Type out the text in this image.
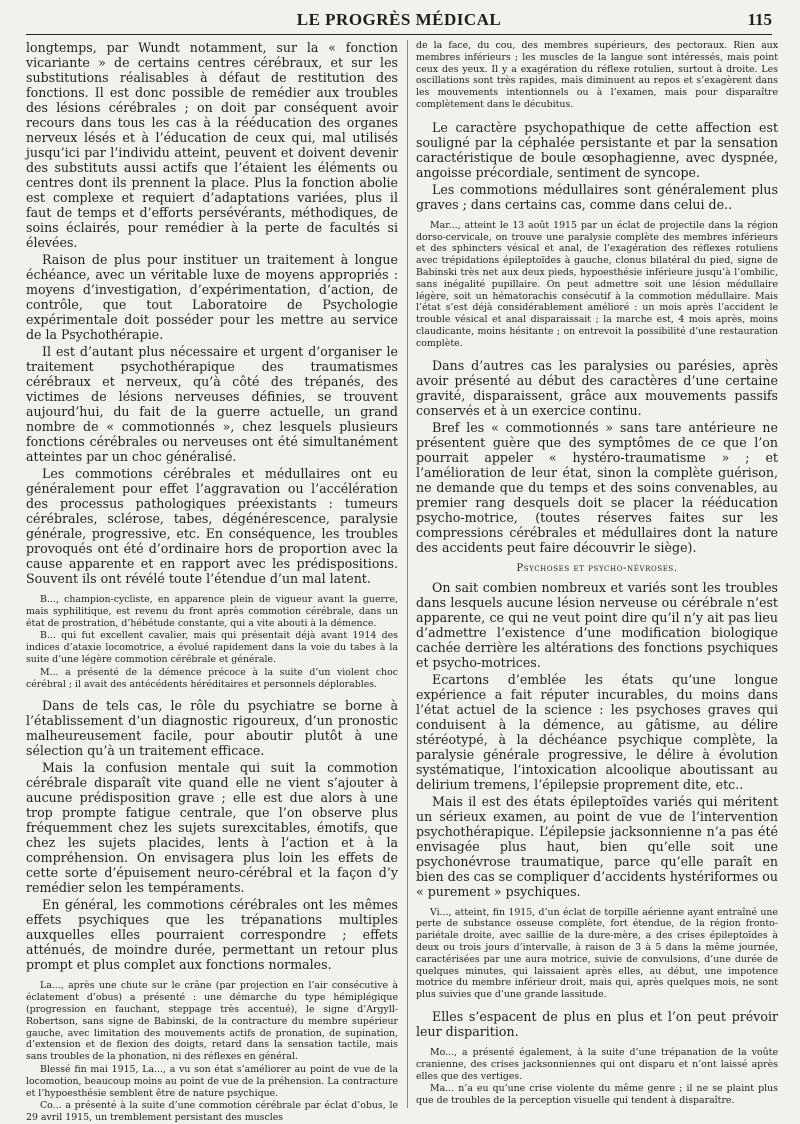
LE PROGRÈS MÉDICAL	115

longtemps, par Wundt notamment, sur la « fonction vicariante » de certains centres cérébraux, et sur les substitutions réalisables à défaut de restitution des fonctions. Il est donc possible de remédier aux troubles des lésions cérébrales ; on doit par conséquent avoir recours dans tous les cas à la rééducation des organes nerveux lésés et à l’éducation de ceux qui, mal utilisés jusqu’ici par l’individu atteint, peuvent et doivent devenir des substituts aussi actifs que l’étaient les éléments ou centres dont ils prennent la place. Plus la fonction abolie est complexe et requiert d’adaptations variées, plus il faut de temps et d’efforts persévérants, méthodiques, de soins éclairés, pour remédier à la perte de facultés si élevées.

Raison de plus pour instituer un traitement à longue échéance, avec un véritable luxe de moyens appropriés : moyens d’investigation, d’expérimentation, d’action, de contrôle, que tout Laboratoire de Psychologie expérimentale doit posséder pour les mettre au service de la Psychothérapie.

Il est d’autant plus nécessaire et urgent d’organiser le traitement psychothérapique des traumatismes cérébraux et nerveux, qu’à côté des trépanés, des victimes de lésions nerveuses définies, se trouvent aujourd’hui, du fait de la guerre actuelle, un grand nombre de « commotionnés », chez lesquels plusieurs fonctions cérébrales ou nerveuses ont été simultanément atteintes par un choc généralisé.

Les commotions cérébrales et médullaires ont eu généralement pour effet l’aggravation ou l’accélération des processus pathologiques préexistants : tumeurs cérébrales, sclérose, tabes, dégénérescence, paralysie générale, progressive, etc. En conséquence, les troubles provoqués ont été d’ordinaire hors de proportion avec la cause apparente et en rapport avec les prédispositions. Souvent ils ont révélé toute l’étendue d’un mal latent.

B..., champion-cycliste, en apparence plein de vigueur avant la guerre, mais syphilitique, est revenu du front après commotion cérébrale, dans un état de prostration, d’hébétude constante, qui a vite abouti à la démence.

B... qui fut excellent cavalier, mais qui présentait déjà avant 1914 des indices d’ataxie locomotrice, a évolué rapidement dans la voie du tabes à la suite d’une légère commotion cérébrale et générale.

M... a présenté de la démence précoce à la suite d’un violent choc cérébral ; il avait des antécédents héréditaires et personnels déplorables.

Dans de tels cas, le rôle du psychiatre se borne à l’établissement d’un diagnostic rigoureux, d’un pronostic malheureusement facile, pour aboutir plutôt à une sélection qu’à un traitement efficace.

Mais la confusion mentale qui suit la commotion cérébrale disparaît vite quand elle ne vient s’ajouter à aucune prédisposition grave ; elle est due alors à une trop prompte fatigue centrale, que l’on observe plus fréquemment chez les sujets surexcitables, émotifs, que chez les sujets placides, lents à l’action et à la compréhension. On envisagera plus loin les effets de cette sorte d’épuisement neuro-cérébral et la façon d’y remédier selon les tempéraments.

En général, les commotions cérébrales ont les mêmes effets psychiques que les trépanations multiples auxquelles elles pourraient correspondre ; effets atténués, de moindre durée, permettant un retour plus prompt et plus complet aux fonctions normales.

La..., après une chute sur le crâne (par projection en l’air consécutive à éclatement d’obus) a présenté : une démarche du type hémiplégique (progression en fauchant, steppage très accentué), le signe d’Argyll-Robertson, sans signe de Babinski, de la contracture du membre supérieur gauche, avec limitation des mouvements actifs de pronation, de supination, d’extension et de flexion des doigts, retard dans la sensation tactile, mais sans troubles de la phonation, ni des réflexes en général.

Blessé fin mai 1915, La..., a vu son état s’améliorer au point de vue de la locomotion, beaucoup moins au point de vue de la préhension. La contracture et l’hypoesthésie semblent être de nature psychique.

Co... a présenté à la suite d’une commotion cérébrale par éclat d’obus, le 29 avril 1915, un tremblement persistant des muscles

de la face, du cou, des membres supérieurs, des pectoraux. Rien aux membres inférieurs ; les muscles de la langue sont intéressés, mais point ceux des yeux. Il y a exagération du réflexe rotulien, surtout à droite. Les oscillations sont très rapides, mais diminuent au repos et s’exagèrent dans les mouvements intentionnels ou à l’examen, mais pour disparaître complètement dans le décubitus.

Le caractère psychopathique de cette affection est souligné par la céphalée persistante et par la sensation caractéristique de boule œsophagienne, avec dyspnée, angoisse précordiale, sentiment de syncope.

Les commotions médullaires sont généralement plus graves ; dans certains cas, comme dans celui de..

Mar..., atteint le 13 août 1915 par un éclat de projectile dans la région dorso-cervicale, on trouve une paralysie complète des membres inférieurs et des sphincters vésical et anal, de l’exagération des réflexes rotuliens avec trépidations épileptoïdes à gauche, clonus bilatéral du pied, signe de Babinski très net aux deux pieds, hypoesthésie inférieure jusqu’à l’ombilic, sans inégalité pupillaire. On peut admettre soit une lésion médullaire légère, soit un hématorachis consécutif à la commotion médullaire. Mais l’état s’est déjà considérablement amélioré : un mois après l’accident le trouble vésical et anal disparaissait ; la marche est, 4 mois après, moins claudicante, moins hésitante ; on entrevoit la possibilité d’une restauration complète.

Dans d’autres cas les paralysies ou parésies, après avoir présenté au début des caractères d’une certaine gravité, disparaissent, grâce aux mouvements passifs conservés et à un exercice continu.

Bref les « commotionnés » sans tare antérieure ne présentent guère que des symptômes de ce que l’on pourrait appeler « hystéro-traumatisme » ; et l’amélioration de leur état, sinon la complète guérison, ne demande que du temps et des soins convenables, au premier rang desquels doit se placer la rééducation psycho-motrice, (toutes réserves faites sur les compressions cérébrales et médullaires dont la nature des accidents peut faire découvrir le siège).

Psychoses et psycho-névroses.

On sait combien nombreux et variés sont les troubles dans lesquels aucune lésion nerveuse ou cérébrale n’est apparente, ce qui ne veut point dire qu’il n’y ait pas lieu d’admettre l’existence d’une modification biologique cachée derrière les altérations des fonctions psychiques et psycho-motrices.

Ecartons d’emblée les états qu’une longue expérience a fait réputer incurables, du moins dans l’état actuel de la science : les psychoses graves qui conduisent à la démence, au gâtisme, au délire stéréotypé, à la déchéance psychique complète, la paralysie générale progressive, le délire à évolution systématique, l’intoxication alcoolique aboutissant au delirium tremens, l’épilepsie proprement dite, etc..

Mais il est des états épileptoïdes variés qui méritent un sérieux examen, au point de vue de l’intervention psychothérapique. L’épilepsie jacksonnienne n’a pas été envisagée plus haut, bien qu’elle soit une psychonévrose traumatique, parce qu’elle paraît en bien des cas se compliquer d’accidents hystériformes ou « purement » psychiques.

Vi..., atteint, fin 1915, d’un éclat de torpille aérienne ayant entraîné une perte de substance osseuse complète, fort étendue, de la région fronto-pariétale droite, avec saillie de la dure-mère, a des crises épileptoïdes à deux ou trois jours d’intervalle, à raison de 3 à 5 dans la même journée, caractérisées par une aura motrice, suivie de convulsions, d’une durée de quelques minutes, qui laissaient après elles, au début, une impotence motrice du membre inférieur droit, mais qui, après quelques mois, ne sont plus suivies que d’une grande lassitude.

Elles s’espacent de plus en plus et l’on peut prévoir leur disparition.

Mo..., a présenté également, à la suite d’une trépanation de la voûte cranienne, des crises jacksonniennes qui ont disparu et n’ont laissé après elles que des vertiges.

Ma... n’a eu qu’une crise violente du même genre ; il ne se plaint plus que de troubles de la perception visuelle qui tendent à disparaître.
